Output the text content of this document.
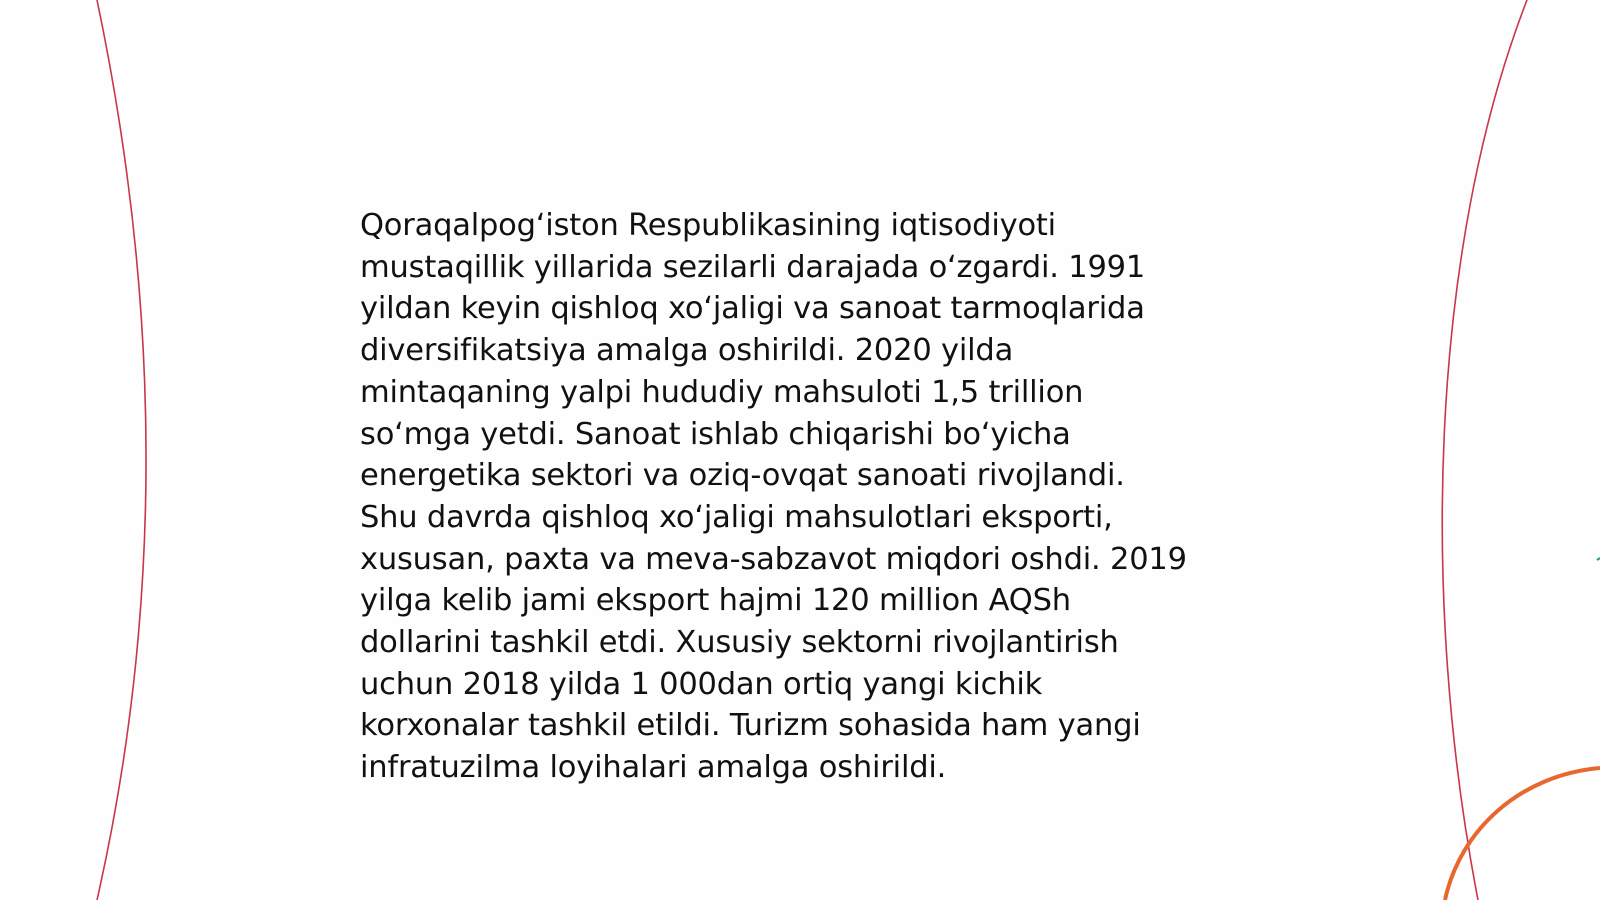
Qoraqalpog‘iston Respublikasining iqtisodiyoti
mustaqillik yillarida sezilarli darajada o‘zgardi. 1991
yildan keyin qishloq xo‘jaligi va sanoat tarmoqlarida
diversifikatsiya amalga oshirildi. 2020 yilda
mintaqaning yalpi hududiy mahsuloti 1,5 trillion
so‘mga yetdi. Sanoat ishlab chiqarishi bo‘yicha
energetika sektori va oziq-ovqat sanoati rivojlandi.
Shu davrda qishloq xo‘jaligi mahsulotlari eksporti,
xususan, paxta va meva-sabzavot miqdori oshdi. 2019
yilga kelib jami eksport hajmi 120 million AQSh
dollarini tashkil etdi. Xususiy sektorni rivojlantirish
uchun 2018 yilda 1 000dan ortiq yangi kichik
korxonalar tashkil etildi. Turizm sohasida ham yangi
infratuzilma loyihalari amalga oshirildi.
